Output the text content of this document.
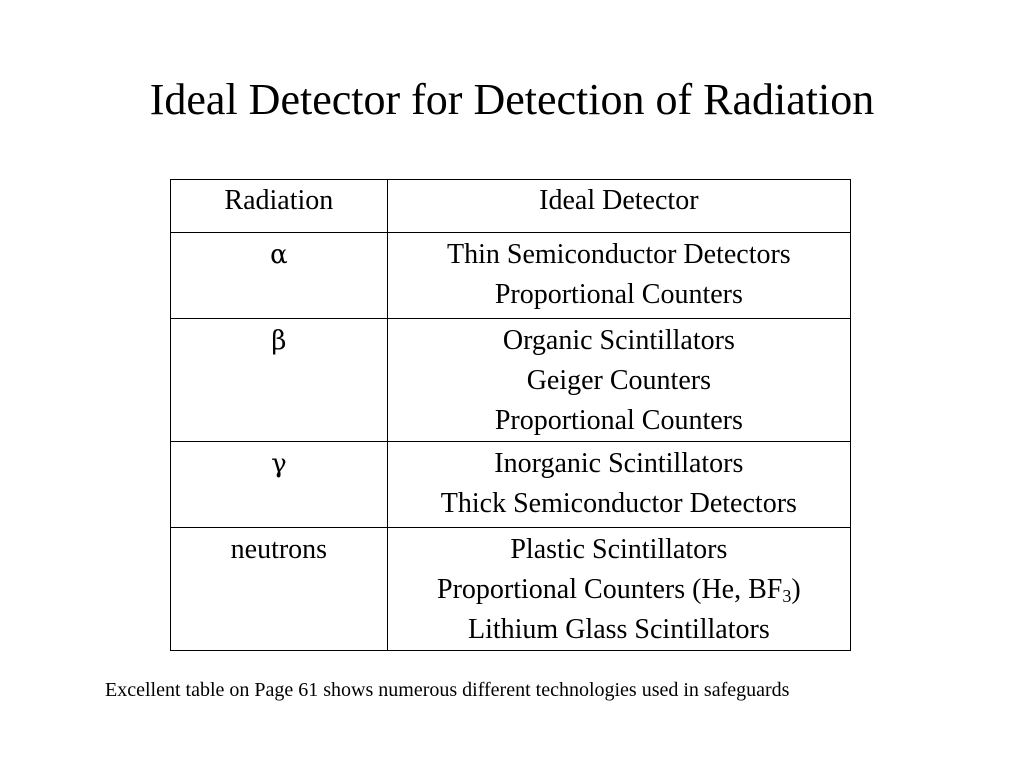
Ideal Detector for Detection of Radiation
Radiation	Ideal Detector
α	Thin Semiconductor Detectors
Proportional Counters

β	Organic Scintillators
Geiger Counters
Proportional Counters

γ	Inorganic Scintillators
Thick Semiconductor Detectors

neutrons	Plastic Scintillators
Proportional Counters (He, $BF_3$)
Lithium Glass Scintillators

Excellent table on Page 61 shows numerous different technologies used in safeguards
